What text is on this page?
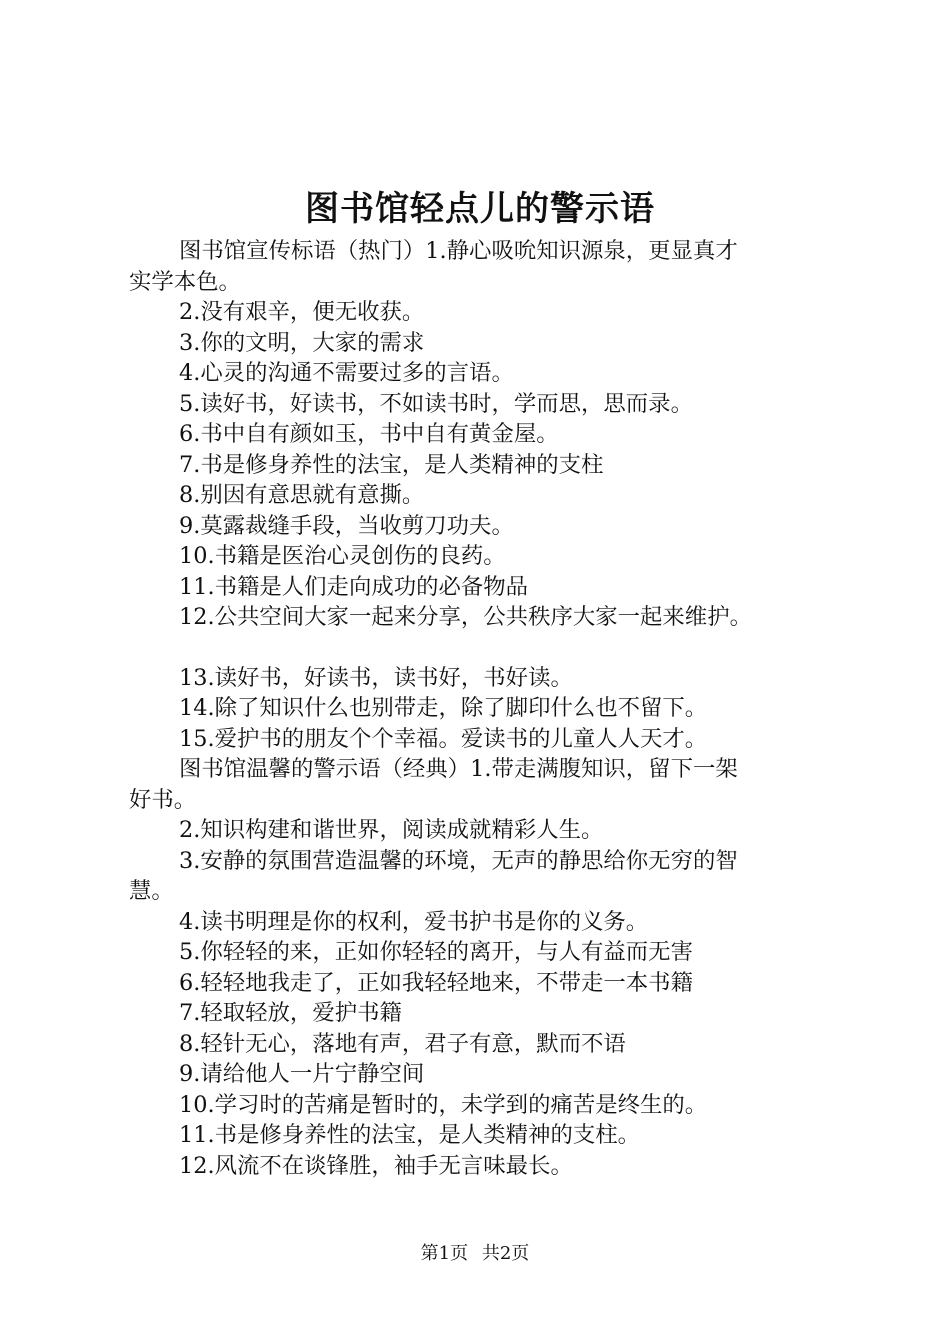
图书馆轻点儿的警示语

图书馆宣传标语（热门）1.静心吸吮知识源泉，更显真才

实学本色。

2.没有艰辛，便无收获。

3.你的文明，大家的需求

4.心灵的沟通不需要过多的言语。

5.读好书，好读书，不如读书时，学而思，思而录。

6.书中自有颜如玉，书中自有黄金屋。

7.书是修身养性的法宝，是人类精神的支柱

8.别因有意思就有意撕。

9.莫露裁缝手段，当收剪刀功夫。

10.书籍是医治心灵创伤的良药。

11.书籍是人们走向成功的必备物品

12.公共空间大家一起来分享，公共秩序大家一起来维护。

13.读好书，好读书，读书好，书好读。

14.除了知识什么也别带走，除了脚印什么也不留下。

15.爱护书的朋友个个幸福。爱读书的儿童人人天才。

图书馆温馨的警示语（经典）1.带走满腹知识，留下一架

好书。

2.知识构建和谐世界，阅读成就精彩人生。

3.安静的氛围营造温馨的环境，无声的静思给你无穷的智

慧。

4.读书明理是你的权利，爱书护书是你的义务。

5.你轻轻的来，正如你轻轻的离开，与人有益而无害

6.轻轻地我走了，正如我轻轻地来，不带走一本书籍

7.轻取轻放，爱护书籍

8.轻针无心，落地有声，君子有意，默而不语

9.请给他人一片宁静空间

10.学习时的苦痛是暂时的，未学到的痛苦是终生的。

11.书是修身养性的法宝，是人类精神的支柱。

12.风流不在谈锋胜，袖手无言味最长。

第1页 共2页
